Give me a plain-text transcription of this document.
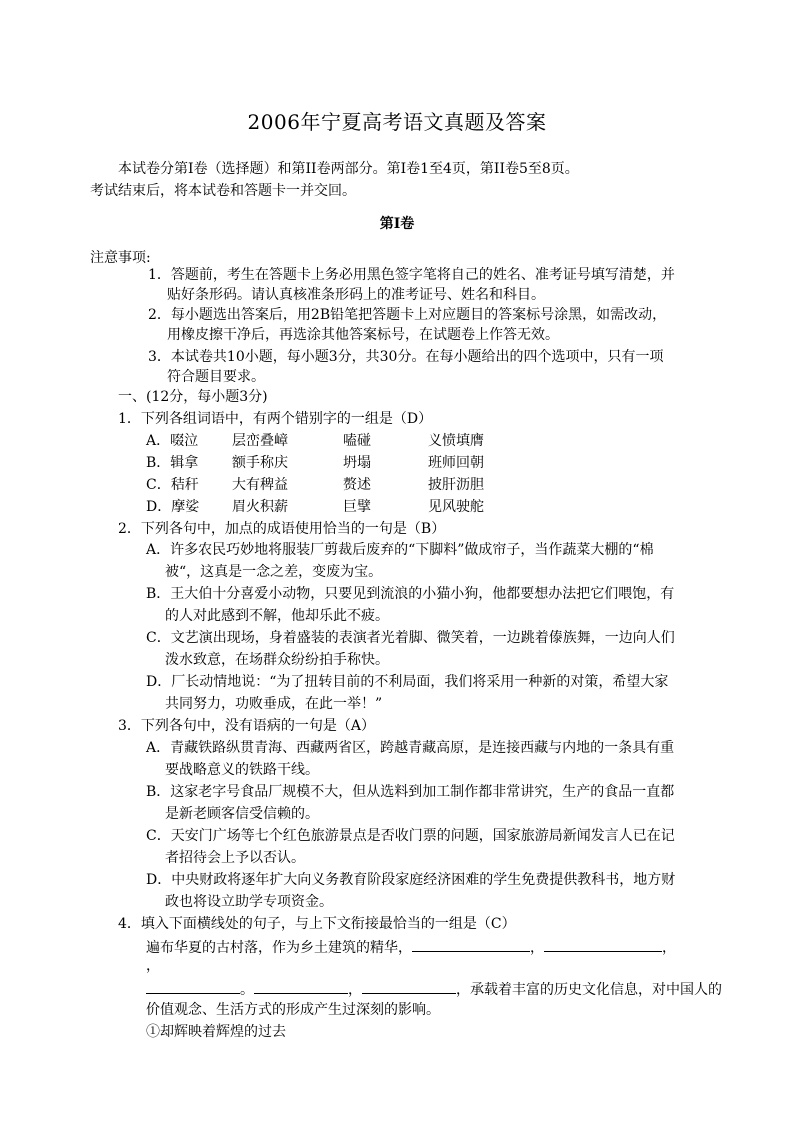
2006年宁夏高考语文真题及答案
本试卷分第Ⅰ卷（选择题）和第II卷两部分。第Ⅰ卷1至4页，第II卷5至8页。
考试结束后，将本试卷和答题卡一并交回。
第Ⅰ卷
注意事项:
1．答题前，考生在答题卡上务必用黑色签字笔将自己的姓名、准考证号填写清楚，并
贴好条形码。请认真核准条形码上的准考证号、姓名和科目。
2．每小题选出答案后，用2B铅笔把答题卡上对应题目的答案标号涂黑，如需改动，
用橡皮擦干净后，再选涂其他答案标号，在试题卷上作答无效。
3．本试卷共10小题，每小题3分，共30分。在每小题给出的四个选项中，只有一项
符合题目要求。
一、(12分，每小题3分)
1．下列各组词语中，有两个错别字的一组是（D）
A．啜泣 层峦叠嶂	嗑碰	义愤填膺
B．辑拿 额手称庆	坍塌	班师回朝
C．秸秆 大有稗益	赘述	披肝沥胆
D．摩娑 眉火积薪	巨擘	见风驶舵
2．下列各句中，加点的成语使用恰当的一句是（B）
A．许多农民巧妙地将服装厂剪裁后废弃的“下脚料”做成帘子，当作蔬菜大棚的“棉
被“，这真是一念之差，变废为宝。
B．王大伯十分喜爱小动物，只要见到流浪的小猫小狗，他都要想办法把它们喂饱，有
的人对此感到不解，他却乐此不疲。
C．文艺演出现场，身着盛装的表演者光着脚、微笑着，一边跳着傣族舞，一边向人们
泼水致意，在场群众纷纷拍手称快。
D．厂长动情地说：“为了扭转目前的不利局面，我们将采用一种新的对策，希望大家
共同努力，功败垂成，在此一举！”
3．下列各句中，没有语病的一句是（A）
A．青藏铁路纵贯青海、西藏两省区，跨越青藏高原，是连接西藏与内地的一条具有重
要战略意义的铁路干线。
B．这家老字号食品厂规模不大，但从选料到加工制作都非常讲究，生产的食品一直都
是新老顾客信受信赖的。
C．天安门广场等七个红色旅游景点是否收门票的问题，国家旅游局新闻发言人已在记
者招待会上予以否认。
D．中央财政将逐年扩大向义务教育阶段家庭经济困难的学生免费提供教科书，地方财
政也将设立助学专项资金。
4．填入下面横线处的句子，与上下文衔接最恰当的一组是（C）
遍布华夏的古村落，作为乡土建筑的精华，	，	，
，
。	，	，承载着丰富的历史文化信息，对中国人的
价值观念、生活方式的形成产生过深刻的影响。
①却辉映着辉煌的过去
